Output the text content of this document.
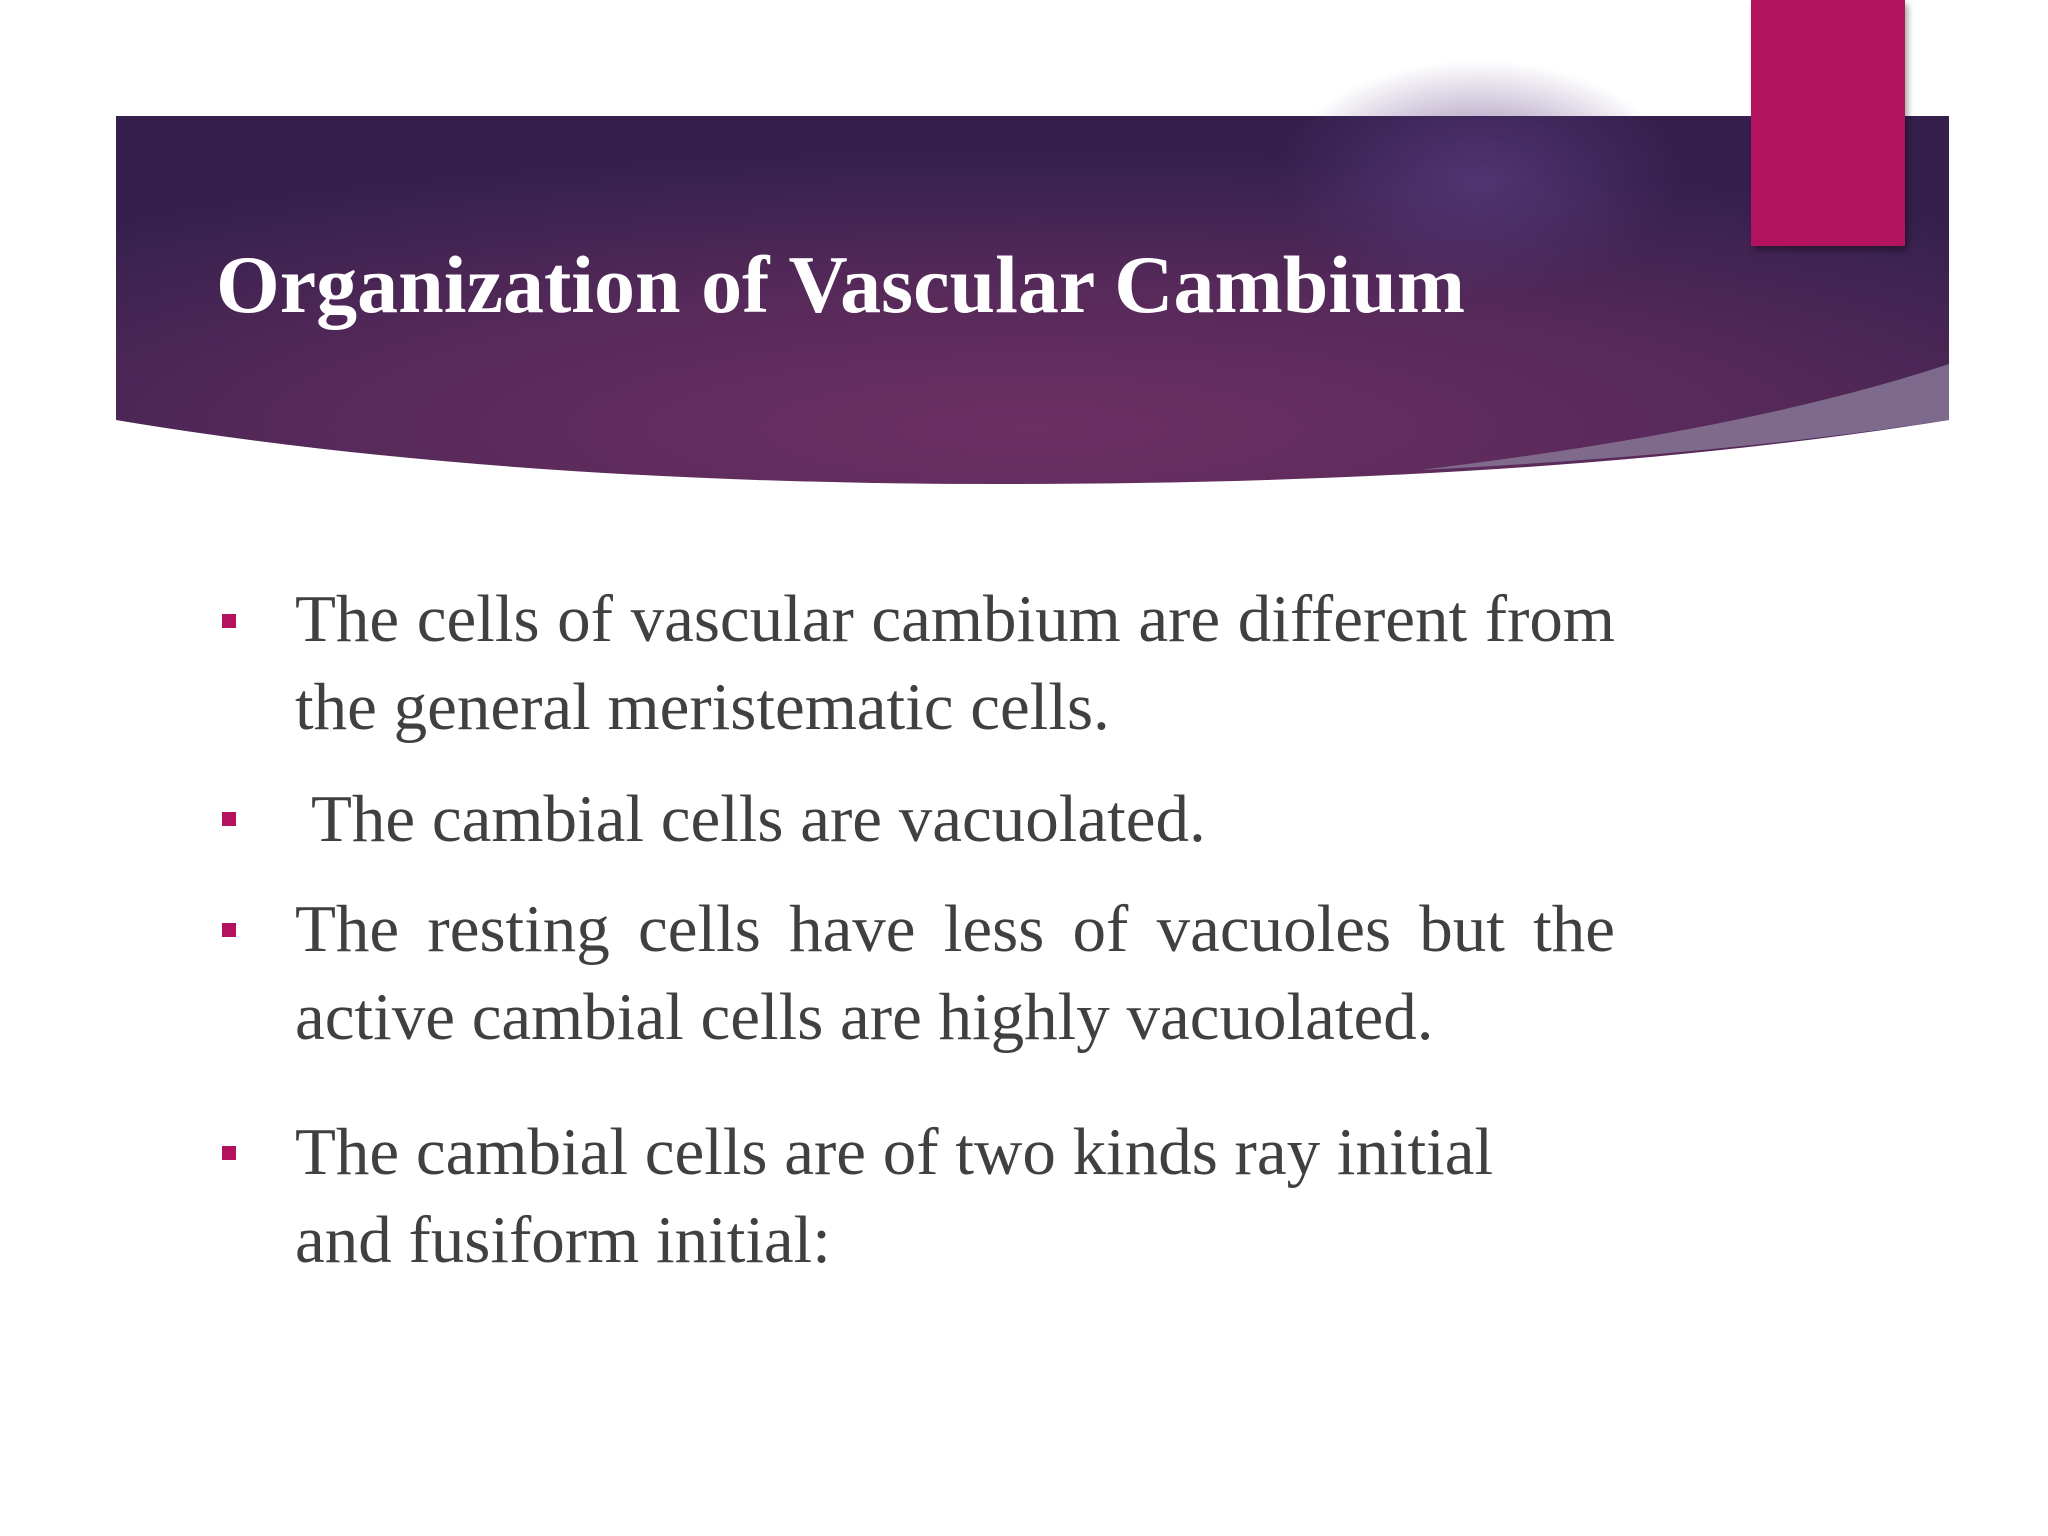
Organization of Vascular Cambium
The cells of vascular cambium are different from the general meristematic cells.
The cambial cells are vacuolated.
The resting cells have less of vacuoles but the active cambial cells are highly vacuolated.
The cambial cells are of two kinds ray initial and fusiform initial:
